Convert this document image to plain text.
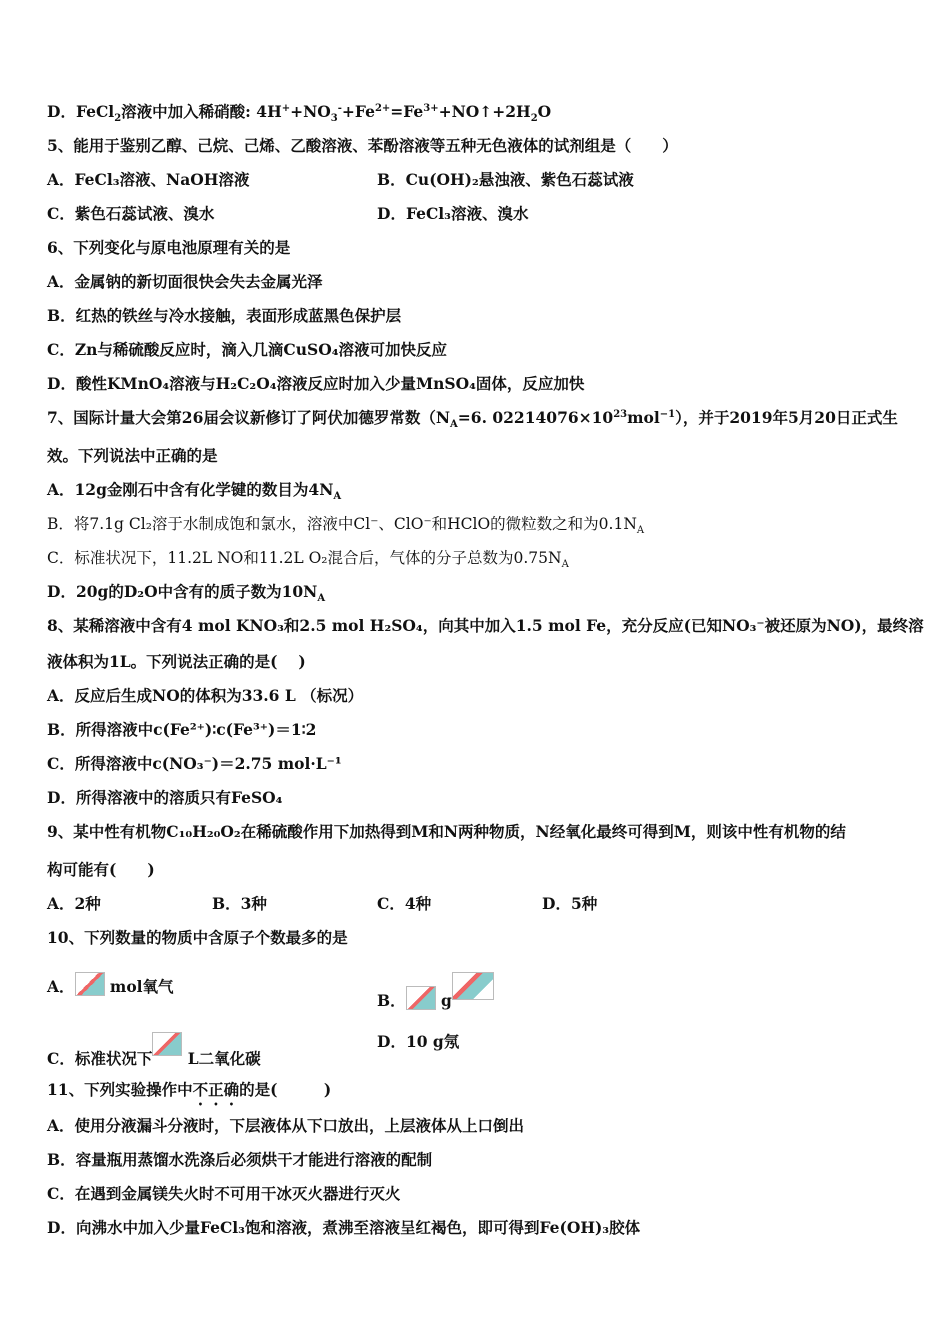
D．FeCl$_2$溶液中加入稀硝酸: $4H^++NO_3^-+Fe^{2+}=Fe^{3+}+NO↑+2H_2O$
5、能用于鉴别乙醇、己烷、己烯、乙酸溶液、苯酚溶液等五种无色液体的试剂组是（　　）
A．FeCl₃溶液、NaOH溶液	B．Cu(OH)₂悬浊液、紫色石蕊试液
C．紫色石蕊试液、溴水	D．FeCl₃溶液、溴水
6、下列变化与原电池原理有关的是
A．金属钠的新切面很快会失去金属光泽
B．红热的铁丝与冷水接触，表面形成蓝黑色保护层
C．Zn与稀硫酸反应时，滴入几滴CuSO₄溶液可加快反应
D．酸性KMnO₄溶液与H₂C₂O₄溶液反应时加入少量MnSO₄固体，反应加快
7、国际计量大会第26届会议新修订了阿伏加德罗常数（$N_A=6$. $02214076\times 10^{23}mol^{-1}$），并于2019年5月20日正式生
效。下列说法中正确的是
A．12g金刚石中含有化学键的数目为$4N_A$
B．将7.1g Cl₂溶于水制成饱和氯水，溶液中Cl⁻、ClO⁻和HClO的微粒数之和为$0.1N_A$
C．标准状况下，11.2L NO和11.2L O₂混合后，气体的分子总数为$0.75N_A$
D．20g的D₂O中含有的质子数为$10N_A$
8、某稀溶液中含有4 mol KNO₃和2.5 mol H₂SO₄，向其中加入1.5 mol Fe，充分反应(已知NO₃⁻被还原为NO)，最终溶
液体积为1L。下列说法正确的是(　 )
A．反应后生成NO的体积为33.6 L （标况）
B．所得溶液中c(Fe²⁺)∶c(Fe³⁺)＝1∶2
C．所得溶液中c(NO₃⁻)＝2.75 mol·L⁻¹
D．所得溶液中的溶质只有FeSO₄
9、某中性有机物C₁₀H₂₀O₂在稀硫酸作用下加热得到M和N两种物质，N经氧化最终可得到M，则该中性有机物的结
构可能有(　　)
A．2种	B．3种	C．4种	D．5种
10、下列数量的物质中含原子个数最多的是
A． mol氧气
B． g
C．标准状况下 L二氧化碳
D．10 g氖
11、下列实验操作中不正确的是(　　　)
A．使用分液漏斗分液时，下层液体从下口放出，上层液体从上口倒出
B．容量瓶用蒸馏水洗涤后必须烘干才能进行溶液的配制
C．在遇到金属镁失火时不可用干冰灭火器进行灭火
D．向沸水中加入少量FeCl₃饱和溶液，煮沸至溶液呈红褐色，即可得到Fe(OH)₃胶体
